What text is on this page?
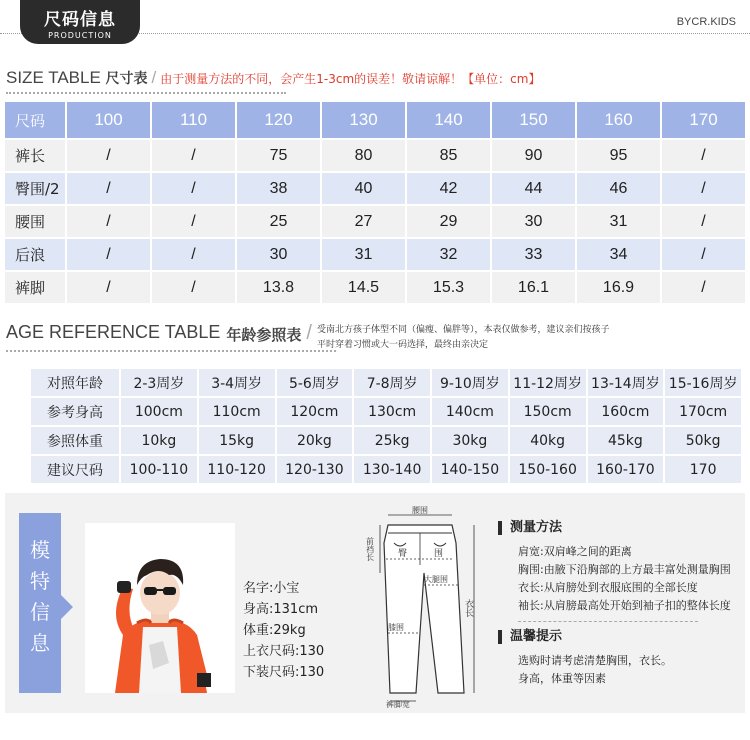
尺码信息
PRODUCTION
BYCR.KIDS
SIZE TABLE 尺寸表 / 由于测量方法的不同，会产生1-3cm的误差！敬请谅解！【单位：cm】
尺码	100	110	120	130	140	150	160	170
裤长	/	/	75	80	85	90	95	/
臀围/2	/	/	38	40	42	44	46	/
腰围	/	/	25	27	29	30	31	/
后浪	/	/	30	31	32	33	34	/
裤脚	/	/	13.8	14.5	15.3	16.1	16.9	/
AGE REFERENCE TABLE 年龄参照表 / 受南北方孩子体型不同（偏瘦、偏胖等），本表仅做参考，建议亲们按孩子
平时穿着习惯或大一码选择，最终由亲决定
对照年龄	2-3周岁	3-4周岁	5-6周岁	7-8周岁	9-10周岁	11-12周岁	13-14周岁	15-16周岁
参考身高	100cm	110cm	120cm	130cm	140cm	150cm	160cm	170cm
参照体重	10kg	15kg	20kg	25kg	30kg	40kg	45kg	50kg
建议尺码	100-110	110-120	120-130	130-140	140-150	150-160	160-170	170
模
特
信
息
名字:小宝
身高:131cm
体重:29kg
上衣尺码:130
下装尺码:130
腰围
前裆长	臀	围
大腿围
膝围
衣长
裤脚宽
测量方法
肩宽:双肩峰之间的距离
胸围:由腋下沿胸部的上方最丰富处测量胸围
衣长:从肩膀处到衣服底围的全部长度
袖长:从肩膀最高处开始到袖子扣的整体长度
温馨提示
选购时请考虑清楚胸围，衣长。
身高，体重等因素
